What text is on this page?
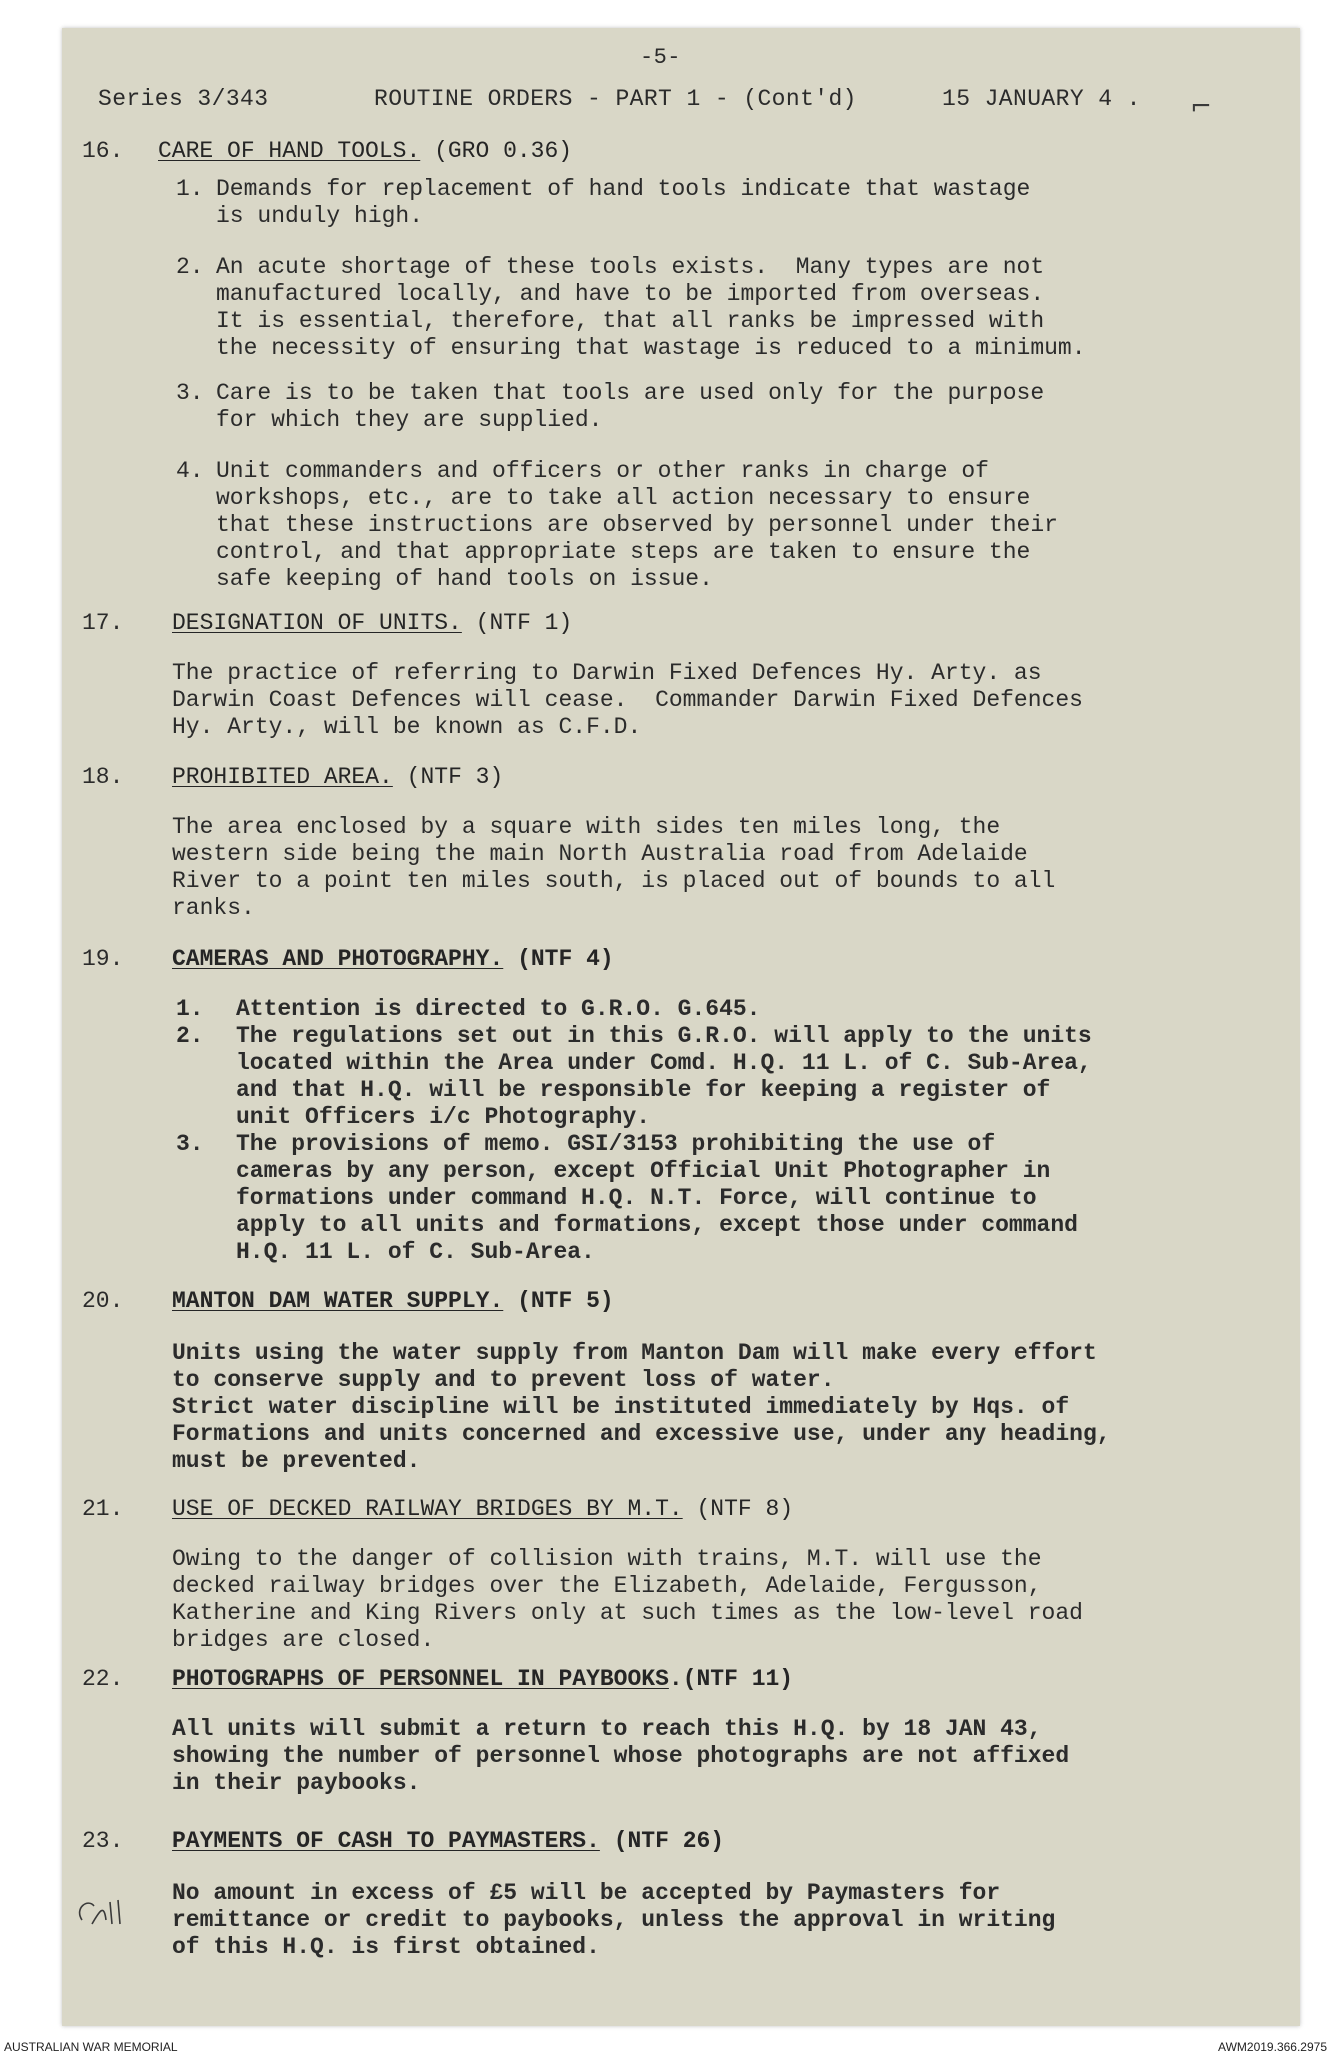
-5-
Series 3/343	ROUTINE ORDERS - PART 1 - (Cont'd)	15 JANUARY 4 . ⌐
16. CARE OF HAND TOOLS. (GRO 0.36)
1. Demands for replacement of hand tools indicate that wastage
is unduly high.
2. An acute shortage of these tools exists.  Many types are not
manufactured locally, and have to be imported from overseas.
It is essential, therefore, that all ranks be impressed with
the necessity of ensuring that wastage is reduced to a minimum.
3. Care is to be taken that tools are used only for the purpose
for which they are supplied.
4. Unit commanders and officers or other ranks in charge of
workshops, etc., are to take all action necessary to ensure
that these instructions are observed by personnel under their
control, and that appropriate steps are taken to ensure the
safe keeping of hand tools on issue.
17. DESIGNATION OF UNITS. (NTF 1)
The practice of referring to Darwin Fixed Defences Hy. Arty. as
Darwin Coast Defences will cease.  Commander Darwin Fixed Defences
Hy. Arty., will be known as C.F.D.
18. PROHIBITED AREA. (NTF 3)
The area enclosed by a square with sides ten miles long, the
western side being the main North Australia road from Adelaide
River to a point ten miles south, is placed out of bounds to all
ranks.
19. CAMERAS AND PHOTOGRAPHY. (NTF 4)
1. Attention is directed to G.R.O. G.645.
2. The regulations set out in this G.R.O. will apply to the units
located within the Area under Comd. H.Q. 11 L. of C. Sub-Area,
and that H.Q. will be responsible for keeping a register of
unit Officers i/c Photography.
3. The provisions of memo. GSI/3153 prohibiting the use of
cameras by any person, except Official Unit Photographer in
formations under command H.Q. N.T. Force, will continue to
apply to all units and formations, except those under command
H.Q. 11 L. of C. Sub-Area.
20. MANTON DAM WATER SUPPLY. (NTF 5)
Units using the water supply from Manton Dam will make every effort
to conserve supply and to prevent loss of water.
Strict water discipline will be instituted immediately by Hqs. of
Formations and units concerned and excessive use, under any heading,
must be prevented.
21. USE OF DECKED RAILWAY BRIDGES BY M.T. (NTF 8)
Owing to the danger of collision with trains, M.T. will use the
decked railway bridges over the Elizabeth, Adelaide, Fergusson,
Katherine and King Rivers only at such times as the low-level road
bridges are closed.
22. PHOTOGRAPHS OF PERSONNEL IN PAYBOOKS.(NTF 11)
All units will submit a return to reach this H.Q. by 18 JAN 43,
showing the number of personnel whose photographs are not affixed
in their paybooks.
23. PAYMENTS OF CASH TO PAYMASTERS. (NTF 26)
No amount in excess of £5 will be accepted by Paymasters for
remittance or credit to paybooks, unless the approval in writing
of this H.Q. is first obtained.
AUSTRALIAN WAR MEMORIAL	AWM2019.366.2975
